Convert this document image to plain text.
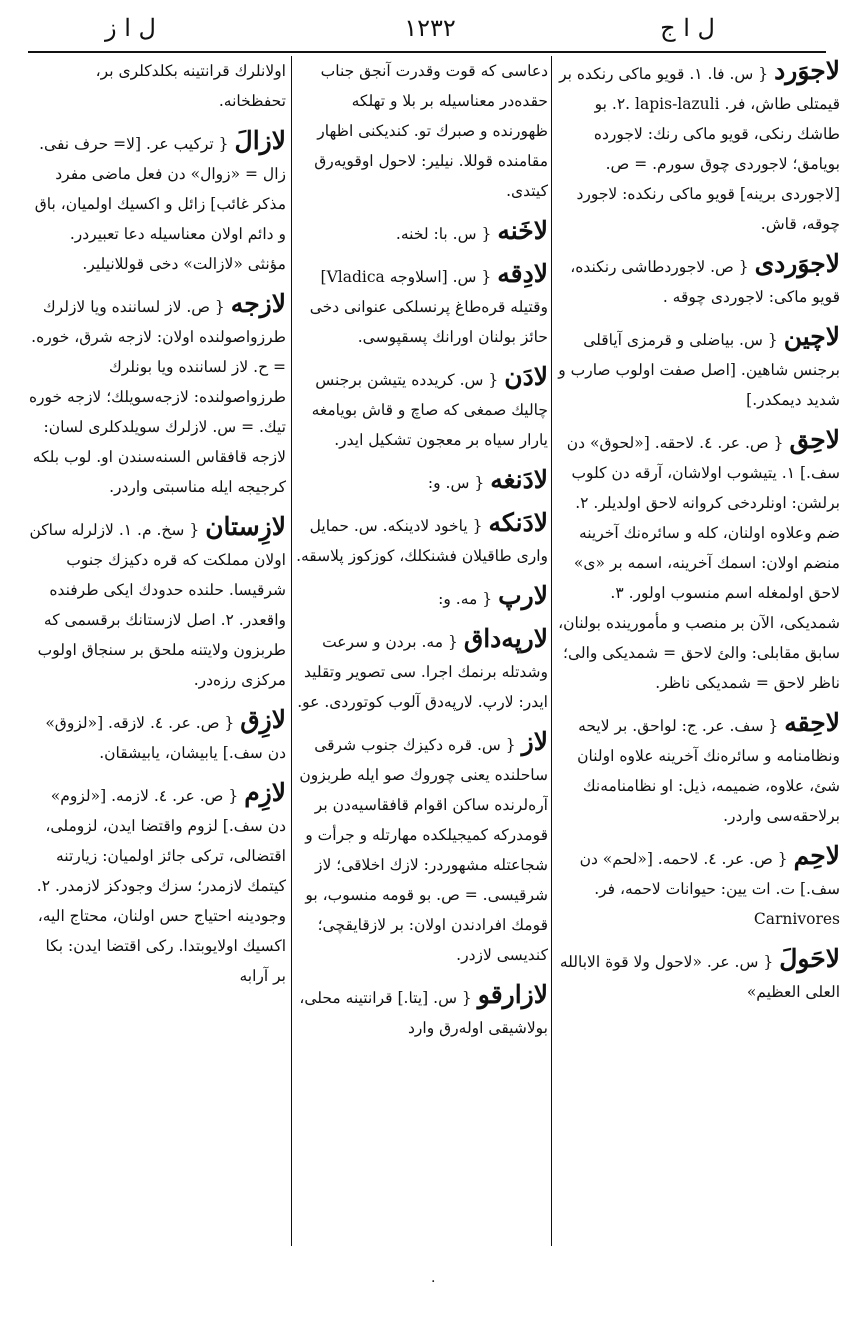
ل ا ز	١٢٣٢	ل ا ج
لاجوَرد{ س. فا. ١. قويو ماكى رنكده بر قيمتلى طاش، فر. lapis-lazuli .٢. بو طاشك رنكى، قويو ماكى رنك: لاجورده بويامق؛ لاجوردى چوق سورم. = ص. [لاجوردى برينه] قويو ماكى رنكده: لاجورد چوقه، قاش.
لاجوَردى{ ص. لاجوردطاشى رنكنده، قويو ماكى: لاجوردى چوقه .
لاچين{ س. بياضلى و قرمزى آياقلى برجنس شاهين. [اصل صفت اولوب صارب و شديد ديمكدر.]
لاحِق{ ص. عر. ٤. لاحقه. [«لحوق» دن سف.] ١. يتيشوب اولاشان، آرقه دن كلوب برلشن: اونلردخى كروانه لاحق اولديلر. ٢. ضم وعلاوه اولنان، كله و سائرەنك آخرينه منضم اولان: اسمك آخرينه، اسمه بر «ى» لاحق اولمغله اسم منسوب اولور. ٣. شمديكى، الآن بر منصب و مأمورينده بولنان، سابق مقابلى: والئ لاحق = شمديكى والى؛ ناظر لاحق = شمديكى ناظر.
لاحِقه{ سف. عر. ج: لواحق. بر لايحه ونظامنامه و سائرەنك آخرينه علاوه اولنان شئ، علاوه، ضميمه، ذيل: او نظامنامەنك برلاحقەسى واردر.
لاحِم{ ص. عر. ٤. لاحمه. [«لحم» دن سف.] ت. ات يين: حيوانات لاحمه، فر. Carnivores
لاحَولَ{ س. عر. «لاحول ولا قوة الابالله العلى العظيم»
دعاسى كه قوت وقدرت آنجق جناب حقدەدر معناسيله بر بلا و تهلكه ظهورنده و صبرك تو. كنديكنى اظهار مقامنده قوللا. نيلير: لاحول اوقويەرق كيتدى.
لاخَنه{ س. با: لخنه.
لادِقه{ س. [اسلاوجه Vladica] وقتيله قرەطاغ پرنسلكى عنوانى دخى حائز بولنان اورانك پسقپوسى.
لادَن{ س. كريدده يتيشن برجنس چاليك صمغى كه صاچ و قاش بويامغه يارار سياه بر معجون تشكيل ايدر.
لادَنغه{ س. و:
لادَنكه{ ياخود لادينكه. س. حمايل وارى طاقيلان فشنكلك، كوزكوز پلاسقه.
لارپ{ مه. و:
لارپەداق{ مه. بردن و سرعت وشدتله برنمك اجرا. سى تصوير وتقليد ايدر: لارپ. لارپەدق آلوب كوتوردى. عو.
لاز{ س. قرە دكيزك جنوب شرقى ساحلنده يعنى چوروك صو ايله طربزون آرەلرنده ساكن اقوام قافقاسيەدن بر قومدركه كميجيلكدە مهارتله و جرأت و شجاعتله مشهوردر: لازك اخلاقى؛ لاز شرقيسى. = ص. بو قومه منسوب، بو قومك افرادندن اولان: بر لازقايقچى؛ كنديسى لازدر.
لازارقو{ س. [يتا.] قرانتينه محلى، بولاشيقى اولەرق وارد
اولانلرك قرانتينه بكلدكلرى بر، تحفظخانه.
لازالَ{ تركيب عر. [لا= حرف نفى. زال = «زوال» دن فعل ماضى مفرد مذكر غائب] زائل و اكسيك اولميان، باق و دائم اولان معناسيله دعا تعبيردر. مؤنثى «لازالت» دخى قوللانيلير.
لازجه{ ص. لاز لساننده ويا لازلرك طرزواصولنده اولان: لازجه شرق، خوره. = ح. لاز لساننده ويا بونلرك طرزواصولنده: لازجەسويلك؛ لازجه خوره تيك. = س. لازلرك سويلدكلرى لسان: لازجه قافقاس السنەسندن او. لوب بلكه كرجيجه ايله مناسبتى واردر.
لازِستان{ سخ. م. ١. لازلرله ساكن اولان مملكت كه قرە دكيزك جنوب شرقيسا. حلنده حدودك ايكى طرفنده واقعدر. ٢. اصل لازستانك برقسمى كه طربزون ولايتنه ملحق بر سنجاق اولوب مركزى رزەدر.
لازِق{ ص. عر. ٤. لازقه. [«لزوق» دن سف.] يابيشان، يابيشقان.
لازِم{ ص. عر. ٤. لازمه. [«لزوم» دن سف.] لزوم واقتضا ايدن، لزوملى، اقتضالى، تركى جائز اولميان: زيارتنه كيتمك لازمدر؛ سزك وجودكز لازمدر. ٢. وجودينه احتياج حس اولنان، محتاج اليه، اكسيك اولايوبتدا. ركى اقتضا ايدن: بكا بر آرابه
.
